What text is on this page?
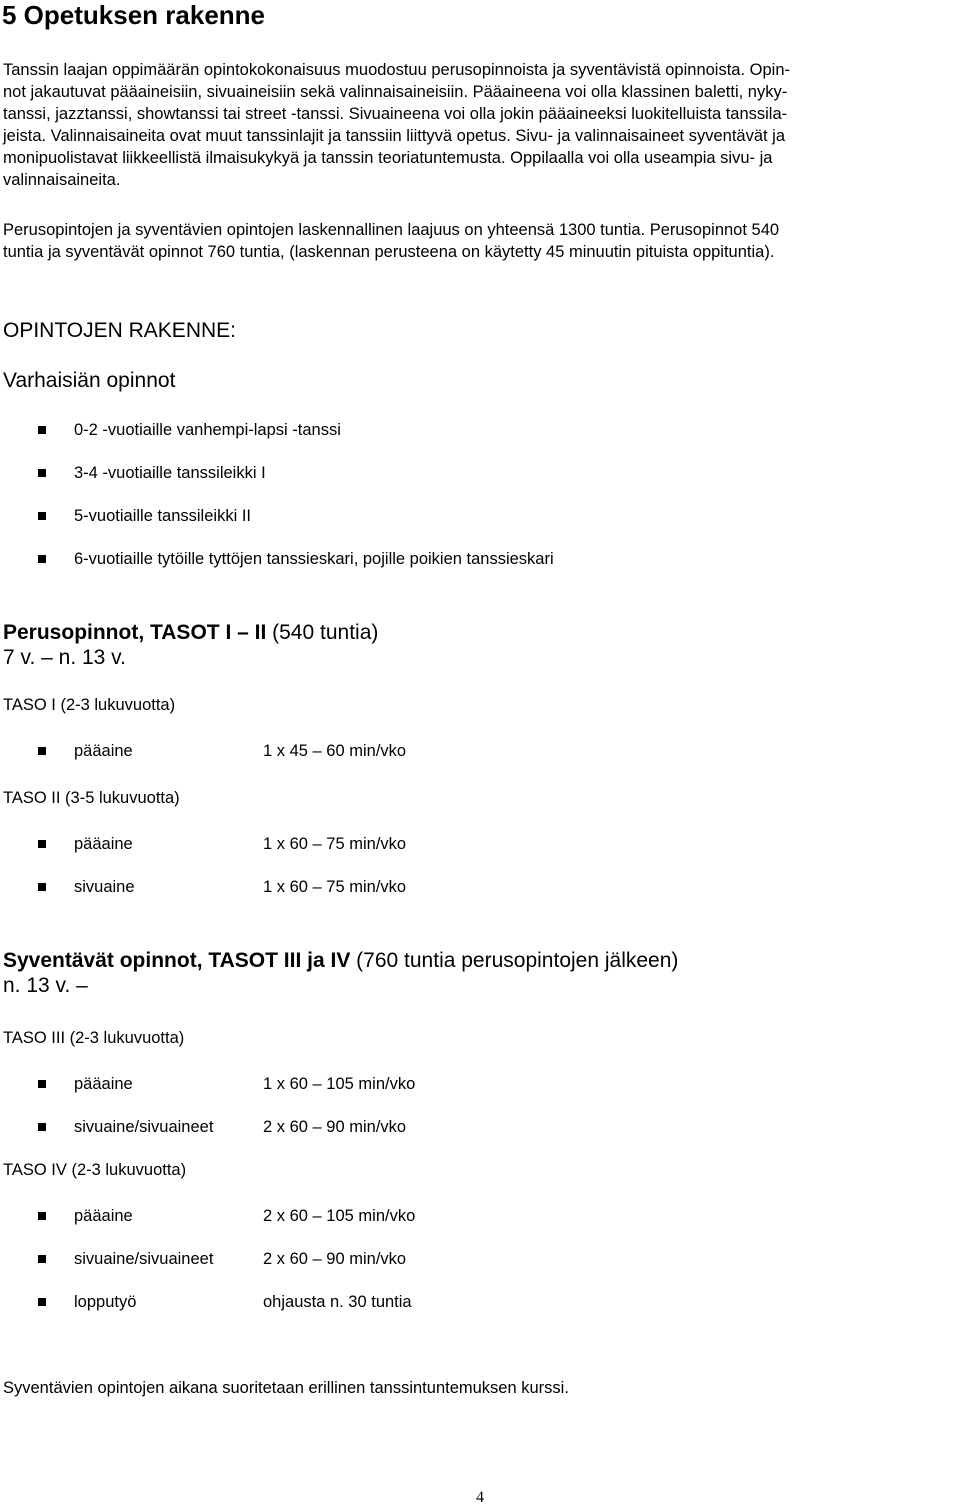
5 Opetuksen rakenne
Tanssin laajan oppimäärän opintokokonaisuus muodostuu perusopinnoista ja syventävistä opinnoista. Opin-
not jakautuvat pääaineisiin, sivuaineisiin sekä valinnaisaineisiin. Pääaineena voi olla klassinen baletti, nyky-
tanssi, jazztanssi, showtanssi tai street -tanssi. Sivuaineena voi olla jokin pääaineeksi luokitelluista tanssila-
jeista. Valinnaisaineita ovat muut tanssinlajit ja tanssiin liittyvä opetus. Sivu- ja valinnaisaineet syventävät ja
monipuolistavat liikkeellistä ilmaisukykyä ja tanssin teoriatuntemusta. Oppilaalla voi olla useampia sivu- ja
valinnaisaineita.
Perusopintojen ja syventävien opintojen laskennallinen laajuus on yhteensä 1300 tuntia. Perusopinnot 540
tuntia ja syventävät opinnot 760 tuntia, (laskennan perusteena on käytetty 45 minuutin pituista oppituntia).
OPINTOJEN RAKENNE:
Varhaisiän opinnot
0-2 -vuotiaille vanhempi-lapsi -tanssi
3-4 -vuotiaille tanssileikki I
5-vuotiaille tanssileikki II
6-vuotiaille tytöille tyttöjen tanssieskari, pojille poikien tanssieskari
Perusopinnot, TASOT I – II (540 tuntia)
7 v. – n. 13 v.
TASO I (2-3 lukuvuotta)
pääaine	1 x 45 – 60 min/vko
TASO II (3-5 lukuvuotta)
pääaine	1 x 60 – 75 min/vko
sivuaine	1 x 60 – 75 min/vko
Syventävät opinnot, TASOT III ja IV (760 tuntia perusopintojen jälkeen)
n. 13 v. –
TASO III (2-3 lukuvuotta)
pääaine	1 x 60 – 105 min/vko
sivuaine/sivuaineet	2 x 60 – 90 min/vko
TASO IV (2-3 lukuvuotta)
pääaine	2 x 60 – 105 min/vko
sivuaine/sivuaineet	2 x 60 – 90 min/vko
lopputyö	ohjausta n. 30 tuntia
Syventävien opintojen aikana suoritetaan erillinen tanssintuntemuksen kurssi.
4
